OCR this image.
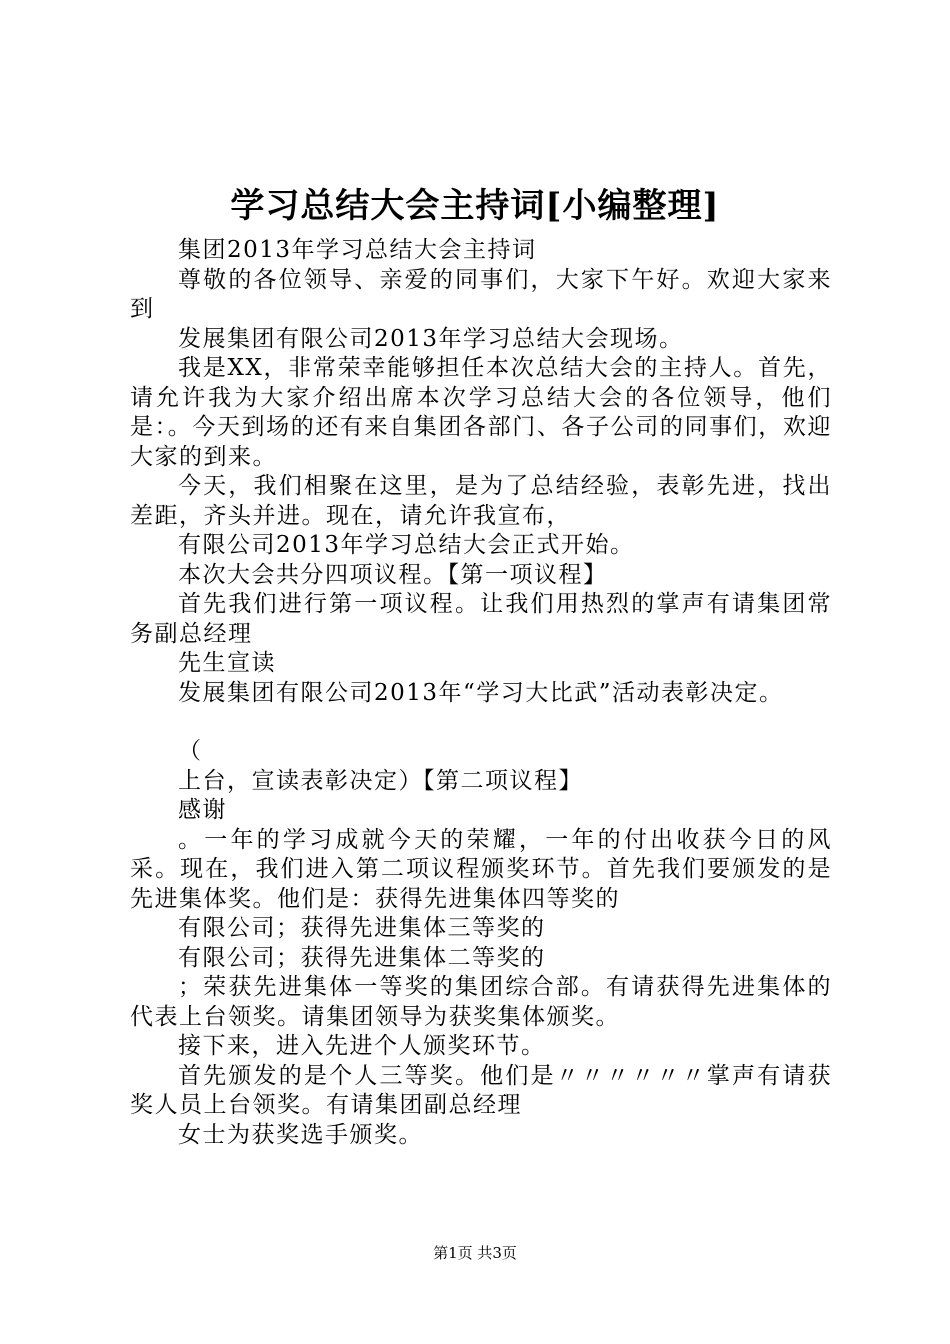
学习总结大会主持词[小编整理]

集团2013年学习总结大会主持词

尊敬的各位领导、亲爱的同事们，大家下午好。欢迎大家来到

发展集团有限公司2013年学习总结大会现场。

我是XX，非常荣幸能够担任本次总结大会的主持人。首先，请允许我为大家介绍出席本次学习总结大会的各位领导，他们是：。今天到场的还有来自集团各部门、各子公司的同事们，欢迎大家的到来。

今天，我们相聚在这里，是为了总结经验，表彰先进，找出差距，齐头并进。现在，请允许我宣布，

有限公司2013年学习总结大会正式开始。

本次大会共分四项议程。【第一项议程】

首先我们进行第一项议程。让我们用热烈的掌声有请集团常务副总经理

先生宣读

发展集团有限公司2013年“学习大比武”活动表彰决定。

（

上台，宣读表彰决定）【第二项议程】

感谢

。一年的学习成就今天的荣耀，一年的付出收获今日的风采。现在，我们进入第二项议程颁奖环节。首先我们要颁发的是先进集体奖。他们是：获得先进集体四等奖的

有限公司；获得先进集体三等奖的

有限公司；获得先进集体二等奖的

；荣获先进集体一等奖的集团综合部。有请获得先进集体的代表上台领奖。请集团领导为获奖集体颁奖。

接下来，进入先进个人颁奖环节。

首先颁发的是个人三等奖。他们是〃〃〃〃〃〃掌声有请获奖人员上台领奖。有请集团副总经理

女士为获奖选手颁奖。

第1页 共3页
